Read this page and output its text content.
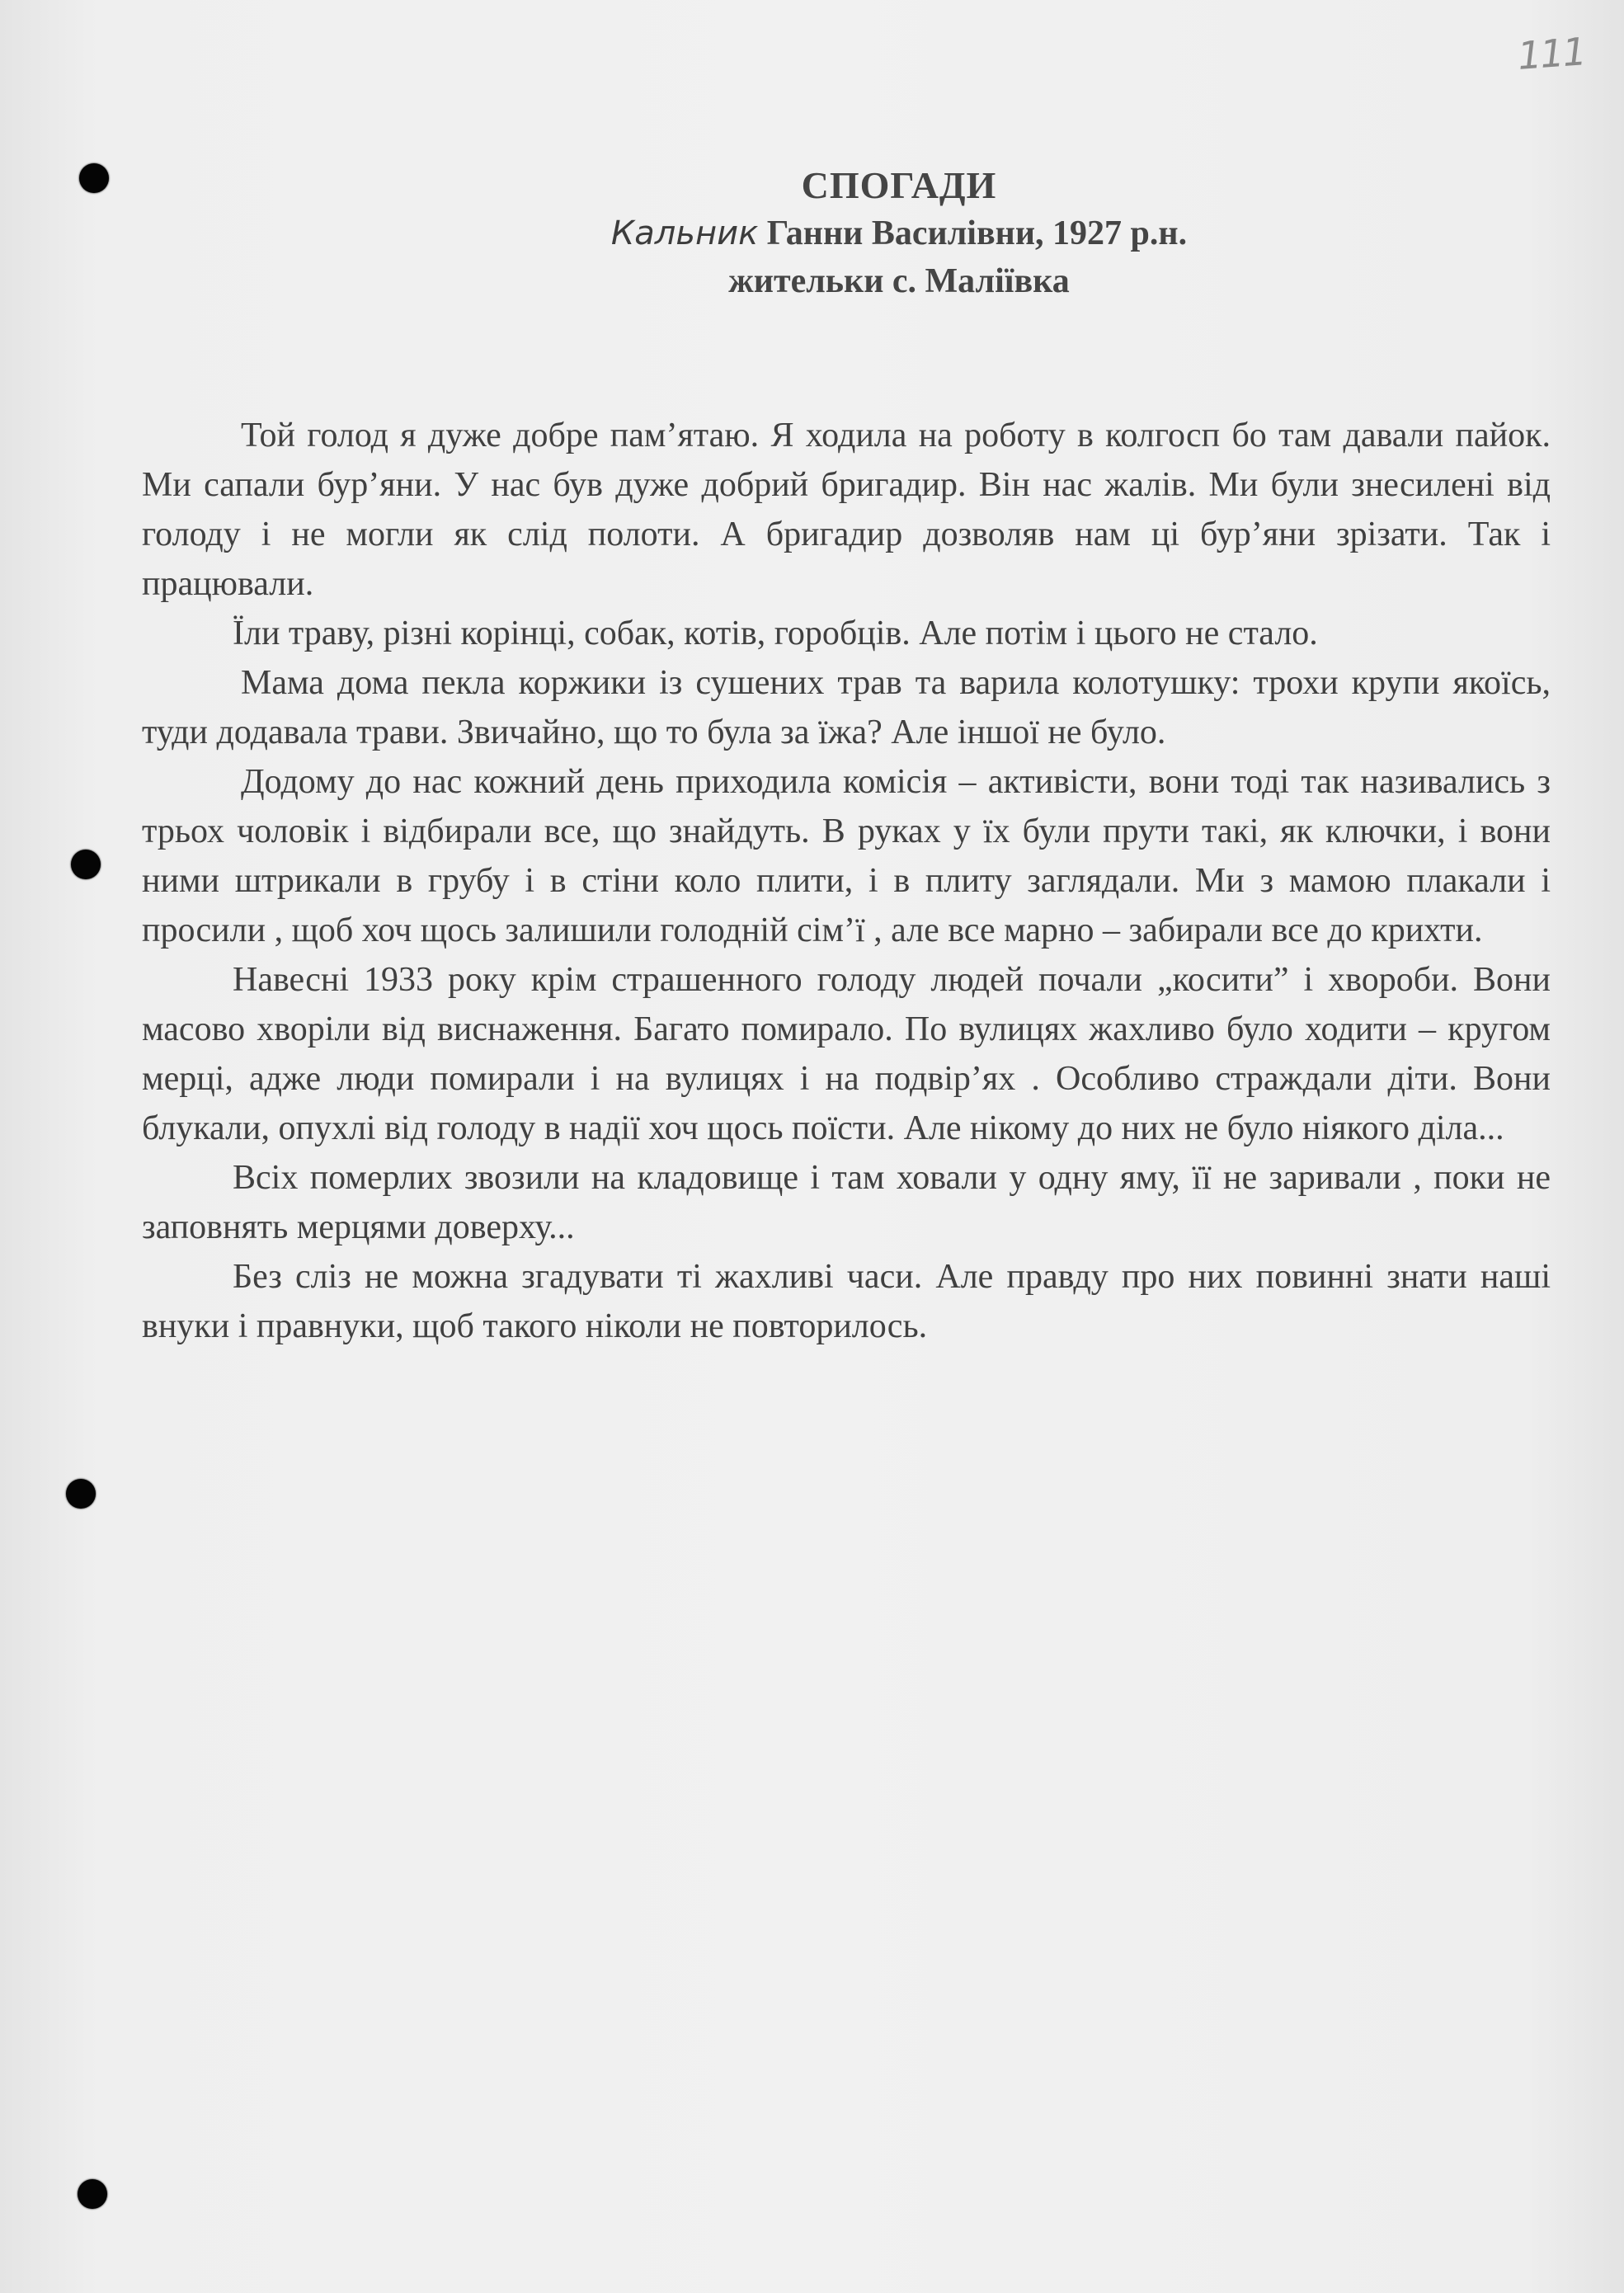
111
СПОГАДИ
Кальник Ганни Василівни, 1927 р.н.
жительки с. Маліївка

Той голод я дуже добре пам’ятаю. Я ходила на роботу в колгосп бо там давали пайок. Ми сапали бур’яни. У нас був дуже добрий бригадир. Він нас жалів. Ми були знесилені від голоду і не могли як слід полоти. А бригадир дозволяв нам ці бур’яни зрізати. Так і працювали.

Їли траву, різні корінці, собак, котів, горобців. Але потім і цього не стало.

Мама дома пекла коржики із сушених трав та варила колотушку: трохи крупи якоїсь, туди додавала трави. Звичайно, що то була за їжа? Але іншої не було.

Додому до нас кожний день приходила комісія – активісти, вони тоді так називались з трьох чоловік і відбирали все, що знайдуть. В руках у їх були прути такі, як ключки, і вони ними штрикали в грубу і в стіни коло плити, і в плиту заглядали. Ми з мамою плакали і просили , щоб хоч щось залишили голодній сім’ї , але все марно – забирали все до крихти.

Навесні 1933 року крім страшенного голоду людей почали „косити” і хвороби. Вони масово хворіли від виснаження. Багато помирало. По вулицях жахливо було ходити – кругом мерці, адже люди помирали і на вулицях і на подвір’ях . Особливо страждали діти. Вони блукали, опухлі від голоду в надії хоч щось поїсти. Але нікому до них не було ніякого діла...

Всіх померлих звозили на кладовище і там ховали у одну яму, її не заривали , поки не заповнять мерцями доверху...

Без сліз не можна згадувати ті жахливі часи. Але правду про них повинні знати наші внуки і правнуки, щоб такого ніколи не повторилось.
